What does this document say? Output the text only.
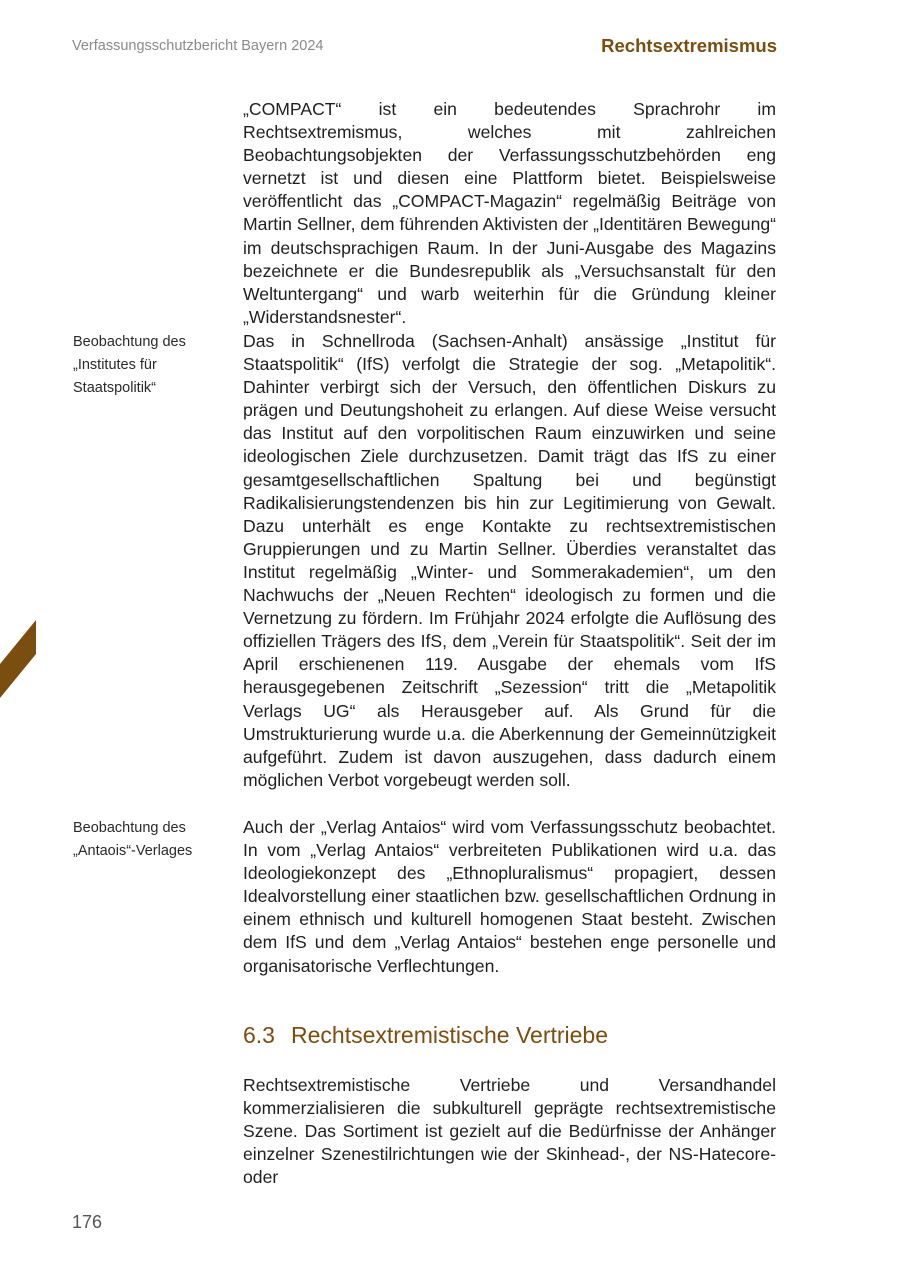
Verfassungsschutzbericht Bayern 2024	Rechtsextremismus

„COMPACT“ ist ein bedeutendes Sprachrohr im Rechtsextremismus, welches mit zahlreichen Beobachtungsobjekten der Verfassungsschutzbehörden eng vernetzt ist und diesen eine Plattform bietet. Beispielsweise veröffentlicht das „COMPACT-Magazin“ regelmäßig Beiträge von Martin Sellner, dem führenden Aktivisten der „Identitären Bewegung“ im deutschsprachigen Raum. In der Juni-Ausgabe des Magazins bezeichnete er die Bundesrepublik als „Versuchsanstalt für den Weltuntergang“ und warb weiterhin für die Gründung kleiner „Widerstandsnester“.

Beobachtung des „Institutes für Staatspolitik“

Das in Schnellroda (Sachsen-Anhalt) ansässige „Institut für Staatspolitik“ (IfS) verfolgt die Strategie der sog. „Metapolitik“. Dahinter verbirgt sich der Versuch, den öffentlichen Diskurs zu prägen und Deutungshoheit zu erlangen. Auf diese Weise versucht das Institut auf den vorpolitischen Raum einzuwirken und seine ideologischen Ziele durchzusetzen. Damit trägt das IfS zu einer gesamtgesellschaftlichen Spaltung bei und begünstigt Radikalisierungstendenzen bis hin zur Legitimierung von Gewalt. Dazu unterhält es enge Kontakte zu rechtsextremistischen Gruppierungen und zu Martin Sellner. Überdies veranstaltet das Institut regelmäßig „Winter- und Sommerakademien“, um den Nachwuchs der „Neuen Rechten“ ideologisch zu formen und die Vernetzung zu fördern. Im Frühjahr 2024 erfolgte die Auflösung des offiziellen Trägers des IfS, dem „Verein für Staatspolitik“. Seit der im April erschienenen 119. Ausgabe der ehemals vom IfS herausgegebenen Zeitschrift „Sezession“ tritt die „Metapolitik Verlags UG“ als Herausgeber auf. Als Grund für die Umstrukturierung wurde u.a. die Aberkennung der Gemeinnützigkeit aufgeführt. Zudem ist davon auszugehen, dass dadurch einem möglichen Verbot vorgebeugt werden soll.

Beobachtung des „Antaois“-Verlages

Auch der „Verlag Antaios“ wird vom Verfassungsschutz beobachtet. In vom „Verlag Antaios“ verbreiteten Publikationen wird u.a. das Ideologiekonzept des „Ethnopluralismus“ propagiert, dessen Idealvorstellung einer staatlichen bzw. gesellschaftlichen Ordnung in einem ethnisch und kulturell homogenen Staat besteht. Zwischen dem IfS und dem „Verlag Antaios“ bestehen enge personelle und organisatorische Verflechtungen.

6.3 Rechtsextremistische Vertriebe

Rechtsextremistische Vertriebe und Versandhandel kommerzialisieren die subkulturell geprägte rechtsextremistische Szene. Das Sortiment ist gezielt auf die Bedürfnisse der Anhänger einzelner Szenestilrichtungen wie der Skinhead-, der NS-Hatecore- oder

176
